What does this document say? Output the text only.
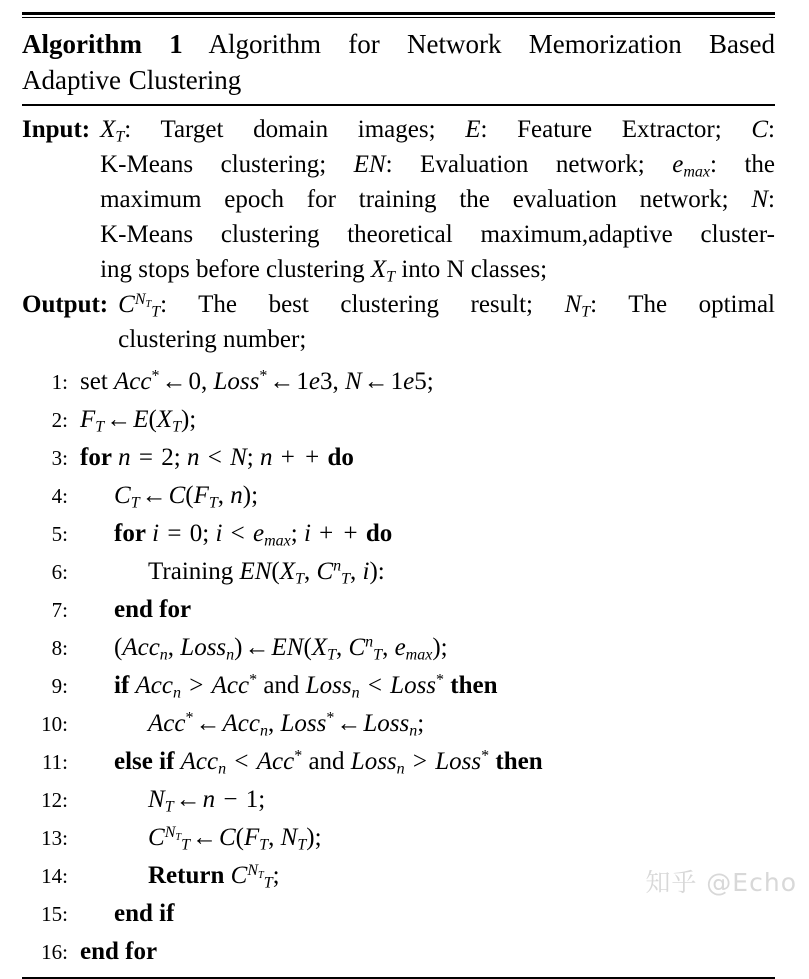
Algorithm 1 Algorithm for Network Memorization Based
Adaptive Clustering
Input: $X_T$: Target domain images; E: Feature Extractor; C:
K-Means clustering; EN: Evaluation network; $e_{max}$: the
maximum epoch for training the evaluation network; N:
K-Means clustering theoretical maximum,adaptive cluster-
ing stops before clustering $X_T$ into N classes;
Output: $C^{N_T}_T$: The best clustering result; $N_T$: The optimal
clustering number;
1: set Acc*←0, Loss*←1e3, N←1e5;
2: $F_T\leftarrow E(X_T)$;
3: for n = 2; n < N; n + + do
4:	$C_T\leftarrow C(F_T$, n);
5:	for i = 0; $i < e_{max}$; i + + do
6:	Training $EN(X_T$, $C^n_T$, i):
7:	end for
8:	(Acc$_n$, $Loss_n)\leftarrow EN(X_T$, $C^n_T$, $e_{max}$);
9:	if Acc$_n$ > Acc* and Loss$_n$ < Loss* then
10:	Acc*←Acc$_n$, Loss*←Loss$_n$;
11:	else if Acc$_n$ < Acc* and Loss$_n$ > Loss* then
12:	$N_T\leftarrow n - 1$;
13:	$C^{N_T}_T\leftarrow C(F_T$, $N_T$);
14:	Return $C^{N_T}_T$;
15:	end if
16: end for
知乎 @Echo
